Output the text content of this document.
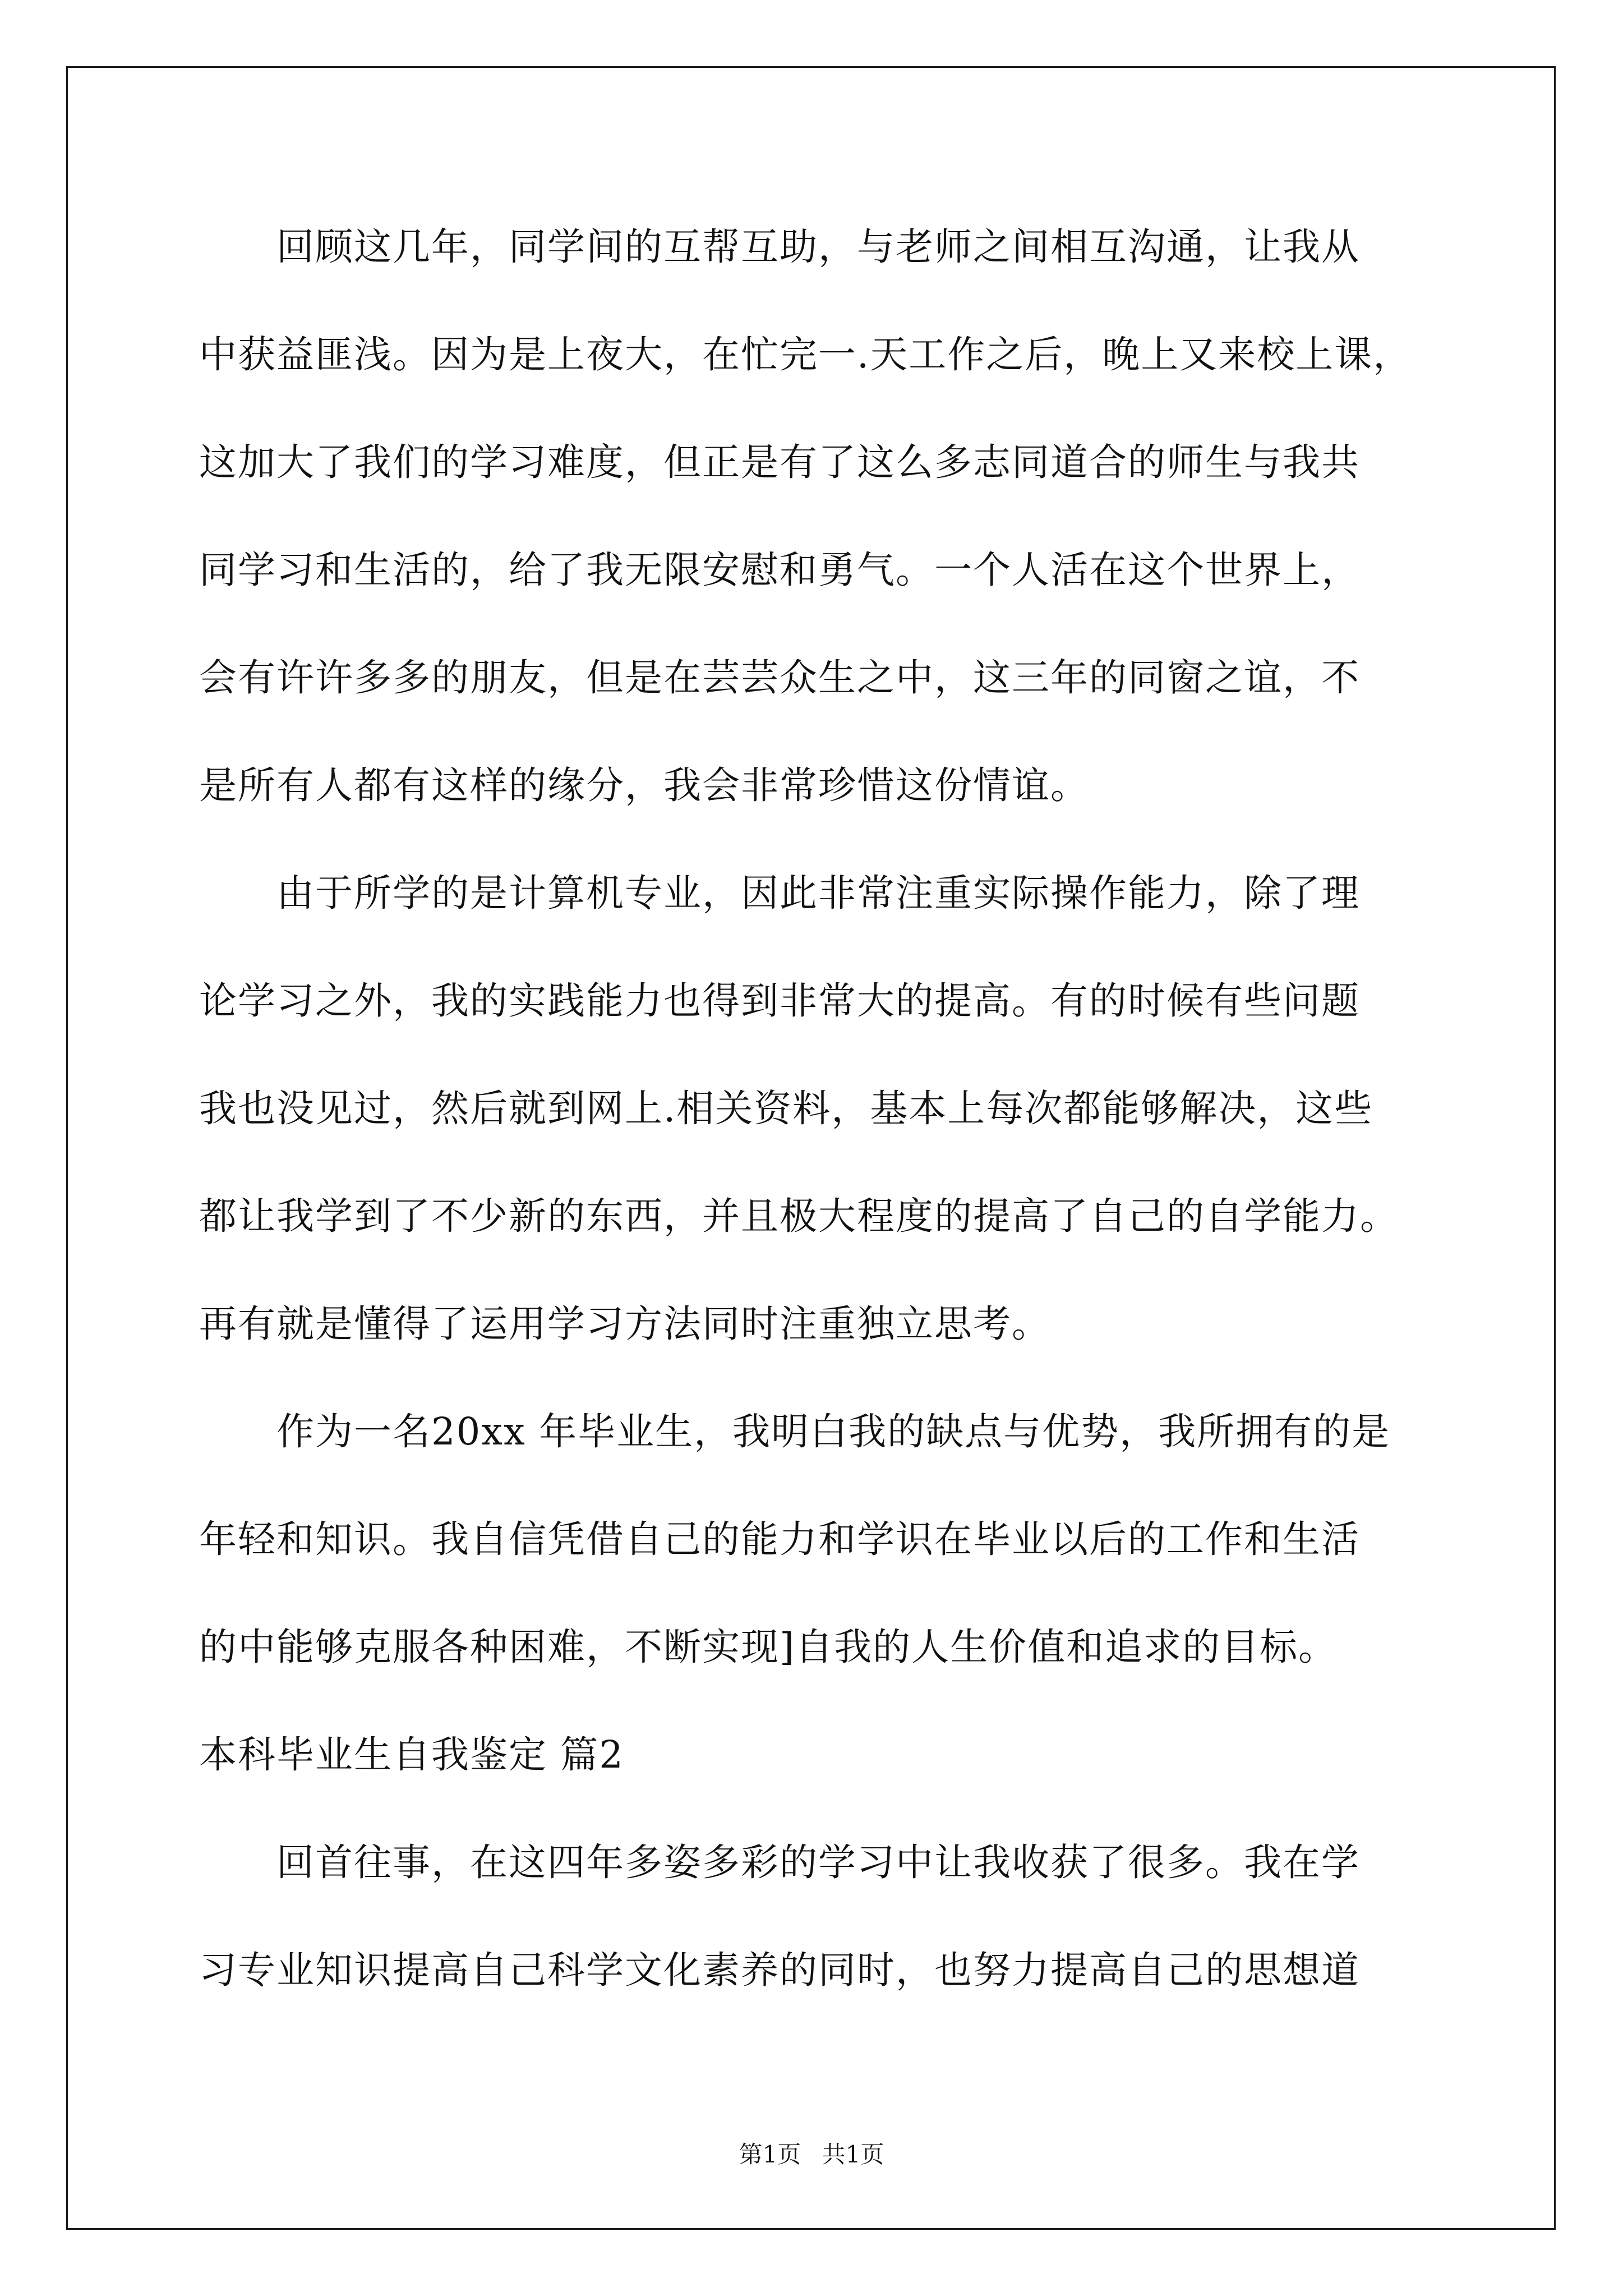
　　回顾这几年，同学间的互帮互助，与老师之间相互沟通，让我从
中获益匪浅。因为是上夜大，在忙完一.天工作之后，晚上又来校上课，
这加大了我们的学习难度，但正是有了这么多志同道合的师生与我共
同学习和生活的，给了我无限安慰和勇气。一个人活在这个世界上，
会有许许多多的朋友，但是在芸芸众生之中，这三年的同窗之谊，不
是所有人都有这样的缘分，我会非常珍惜这份情谊。
　　由于所学的是计算机专业，因此非常注重实际操作能力，除了理
论学习之外，我的实践能力也得到非常大的提高。有的时候有些问题
我也没见过，然后就到网上.相关资料，基本上每次都能够解决，这些
都让我学到了不少新的东西，并且极大程度的提高了自己的自学能力。
再有就是懂得了运用学习方法同时注重独立思考。
　　作为一名20xx 年毕业生，我明白我的缺点与优势，我所拥有的是
年轻和知识。我自信凭借自己的能力和学识在毕业以后的工作和生活
的中能够克服各种困难，不断实现]自我的人生价值和追求的目标。
本科毕业生自我鉴定 篇2
　　回首往事，在这四年多姿多彩的学习中让我收获了很多。我在学
习专业知识提高自己科学文化素养的同时，也努力提高自己的思想道
第1页 共1页
